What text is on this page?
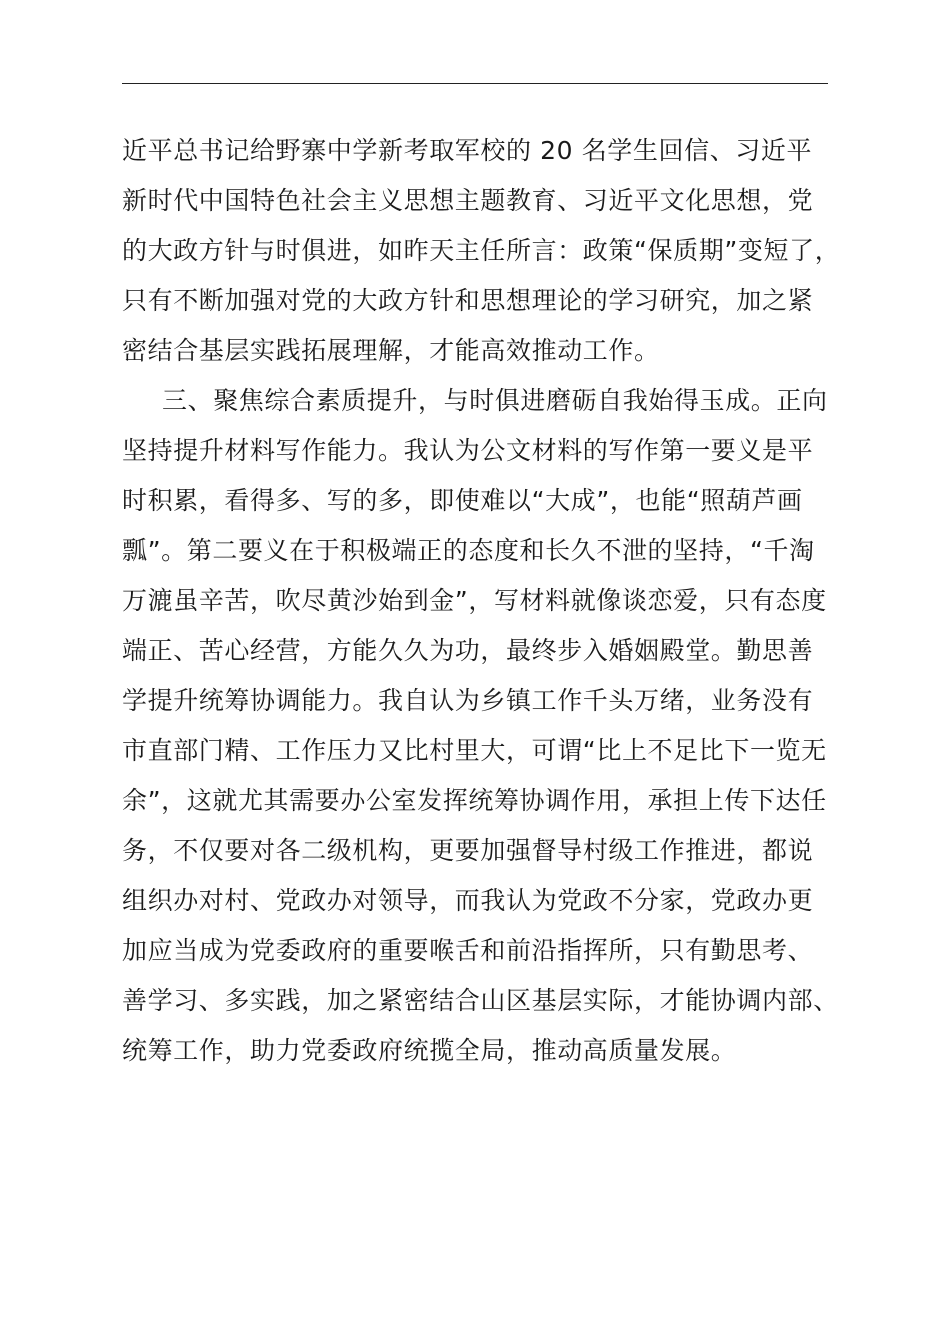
近平总书记给野寨中学新考取军校的 20 名学生回信、习近平
新时代中国特色社会主义思想主题教育、习近平文化思想，党
的大政方针与时俱进，如昨天主任所言：政策“保质期”变短了，
只有不断加强对党的大政方针和思想理论的学习研究，加之紧
密结合基层实践拓展理解，才能高效推动工作。
三、聚焦综合素质提升，与时俱进磨砺自我始得玉成。正向
坚持提升材料写作能力。我认为公文材料的写作第一要义是平
时积累，看得多、写的多，即使难以“大成”，也能“照葫芦画
瓢”。第二要义在于积极端正的态度和长久不泄的坚持，“千淘
万漉虽辛苦，吹尽黄沙始到金”，写材料就像谈恋爱，只有态度
端正、苦心经营，方能久久为功，最终步入婚姻殿堂。勤思善
学提升统筹协调能力。我自认为乡镇工作千头万绪，业务没有
市直部门精、工作压力又比村里大，可谓“比上不足比下一览无
余”，这就尤其需要办公室发挥统筹协调作用，承担上传下达任
务，不仅要对各二级机构，更要加强督导村级工作推进，都说
组织办对村、党政办对领导，而我认为党政不分家，党政办更
加应当成为党委政府的重要喉舌和前沿指挥所，只有勤思考、
善学习、多实践，加之紧密结合山区基层实际，才能协调内部、
统筹工作，助力党委政府统揽全局，推动高质量发展。
